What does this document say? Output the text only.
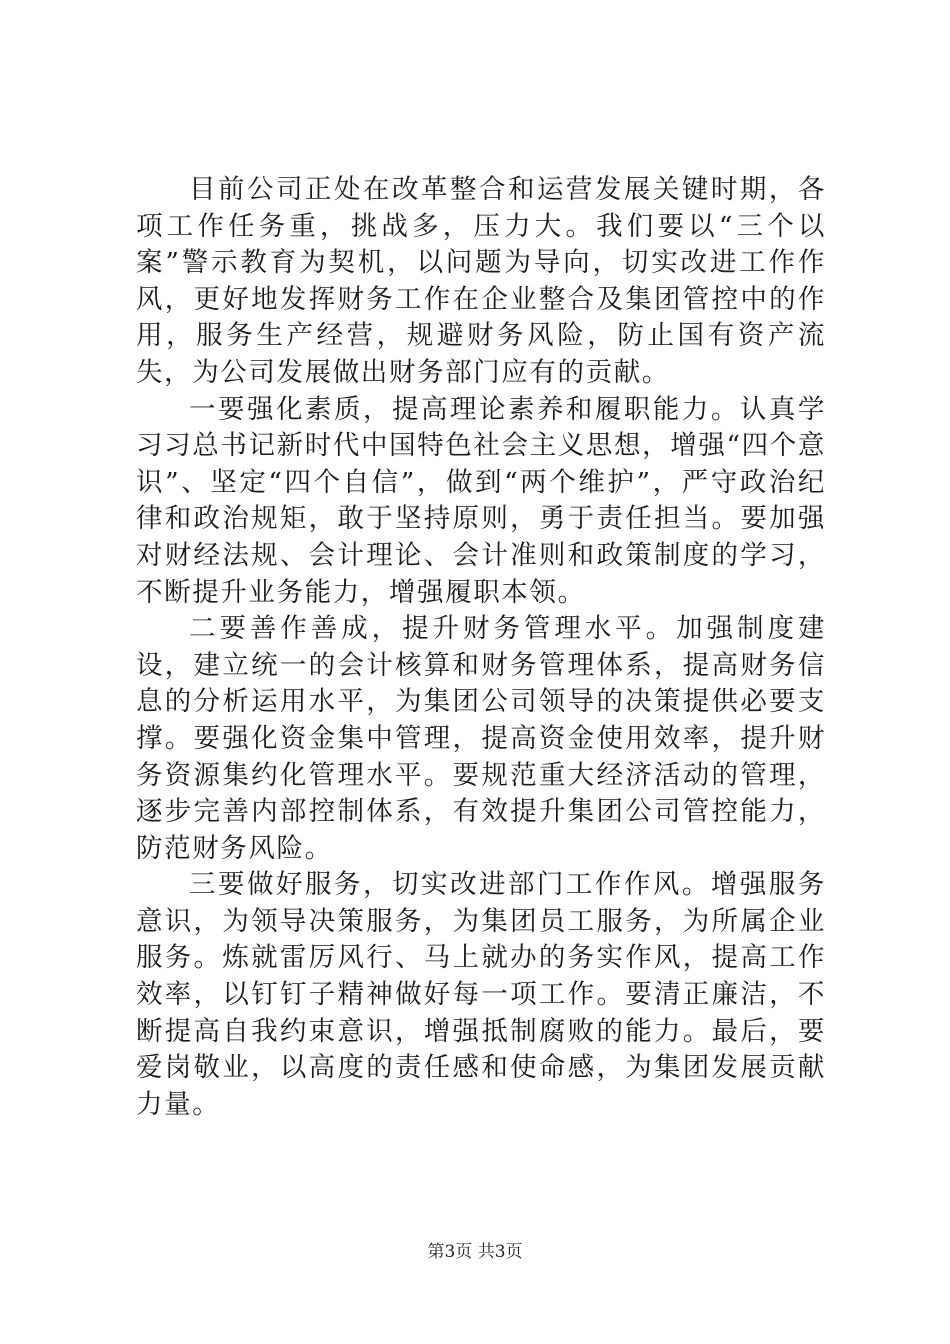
目前公司正处在改革整合和运营发展关键时期，各项工作任务重，挑战多，压力大。我们要以“三个以案”警示教育为契机，以问题为导向，切实改进工作作风，更好地发挥财务工作在企业整合及集团管控中的作用，服务生产经营，规避财务风险，防止国有资产流失，为公司发展做出财务部门应有的贡献。

一要强化素质，提高理论素养和履职能力。认真学习习总书记新时代中国特色社会主义思想，增强“四个意识”、坚定“四个自信”，做到“两个维护”，严守政治纪律和政治规矩，敢于坚持原则，勇于责任担当。要加强对财经法规、会计理论、会计准则和政策制度的学习，不断提升业务能力，增强履职本领。

二要善作善成，提升财务管理水平。加强制度建设，建立统一的会计核算和财务管理体系，提高财务信息的分析运用水平，为集团公司领导的决策提供必要支撑。要强化资金集中管理，提高资金使用效率，提升财务资源集约化管理水平。要规范重大经济活动的管理，逐步完善内部控制体系，有效提升集团公司管控能力，防范财务风险。

三要做好服务，切实改进部门工作作风。增强服务意识，为领导决策服务，为集团员工服务，为所属企业服务。炼就雷厉风行、马上就办的务实作风，提高工作效率，以钉钉子精神做好每一项工作。要清正廉洁，不断提高自我约束意识，增强抵制腐败的能力。最后，要爱岗敬业，以高度的责任感和使命感，为集团发展贡献力量。

第3页 共3页
